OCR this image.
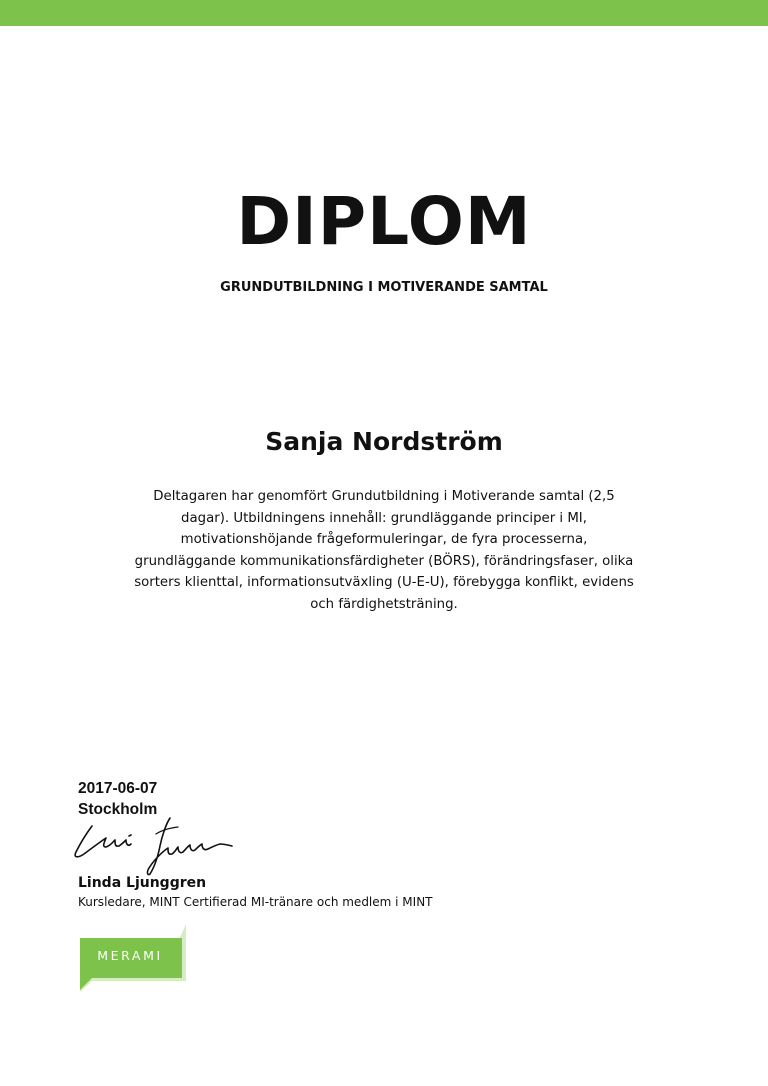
DIPLOM
GRUNDUTBILDNING I MOTIVERANDE SAMTAL
Sanja Nordström
Deltagaren har genomfört Grundutbildning i Motiverande samtal (2,5 dagar). Utbildningens innehåll: grundläggande principer i MI, motivationshöjande frågeformuleringar, de fyra processerna, grundläggande kommunikationsfärdigheter (BÖRS), förändringsfaser, olika sorters klienttal, informationsutväxling (U-E-U), förebygga konflikt, evidens och färdighetsträning.
2017-06-07
Stockholm
Linda Ljunggren
Kursledare, MINT Certifierad MI-tränare och medlem i MINT
MERAMI
